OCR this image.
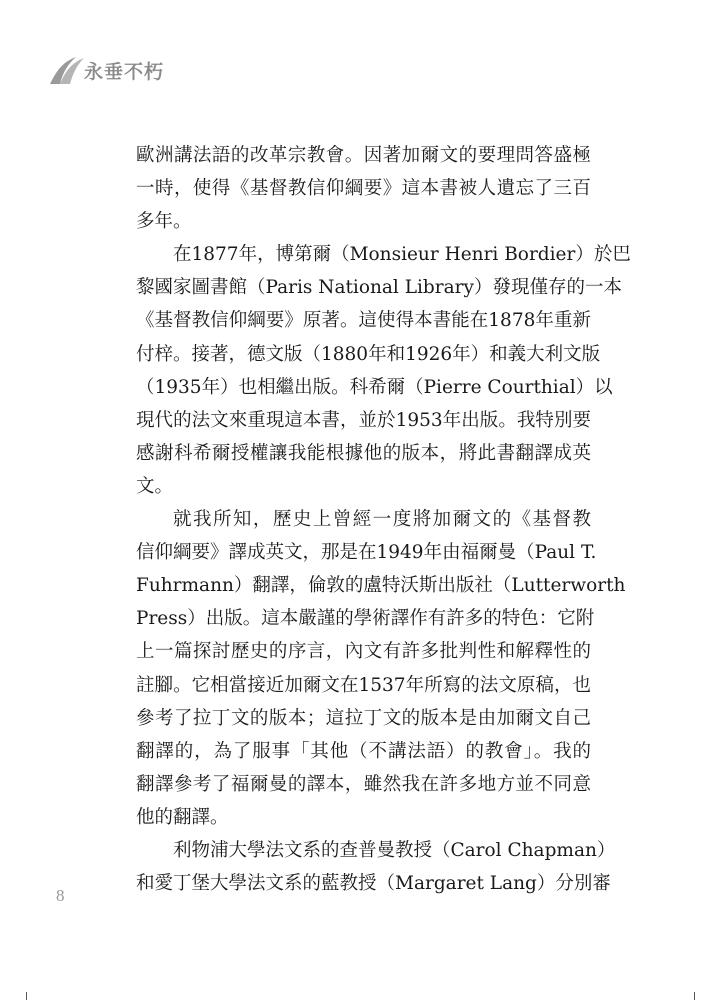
永垂不朽
歐洲講法語的改革宗教會。因著加爾文的要理問答盛極
一時，使得《基督教信仰綱要》這本書被人遺忘了三百
多年。
在1877年，博第爾（Monsieur Henri Bordier）於巴
黎國家圖書館（Paris National Library）發現僅存的一本
《基督教信仰綱要》原著。這使得本書能在1878年重新
付梓。接著，德文版（1880年和1926年）和義大利文版
（1935年）也相繼出版。科希爾（Pierre Courthial）以
現代的法文來重現這本書，並於1953年出版。我特別要
感謝科希爾授權讓我能根據他的版本，將此書翻譯成英
文。
就我所知，歷史上曾經一度將加爾文的《基督教
信仰綱要》譯成英文，那是在1949年由福爾曼（Paul T.
Fuhrmann）翻譯，倫敦的盧特沃斯出版社（Lutterworth
Press）出版。這本嚴謹的學術譯作有許多的特色：它附
上一篇探討歷史的序言，內文有許多批判性和解釋性的
註腳。它相當接近加爾文在1537年所寫的法文原稿，也
參考了拉丁文的版本；這拉丁文的版本是由加爾文自己
翻譯的，為了服事「其他（不講法語）的教會」。我的
翻譯參考了福爾曼的譯本，雖然我在許多地方並不同意
他的翻譯。
利物浦大學法文系的查普曼教授（Carol Chapman）
和愛丁堡大學法文系的藍教授（Margaret Lang）分別審
8
